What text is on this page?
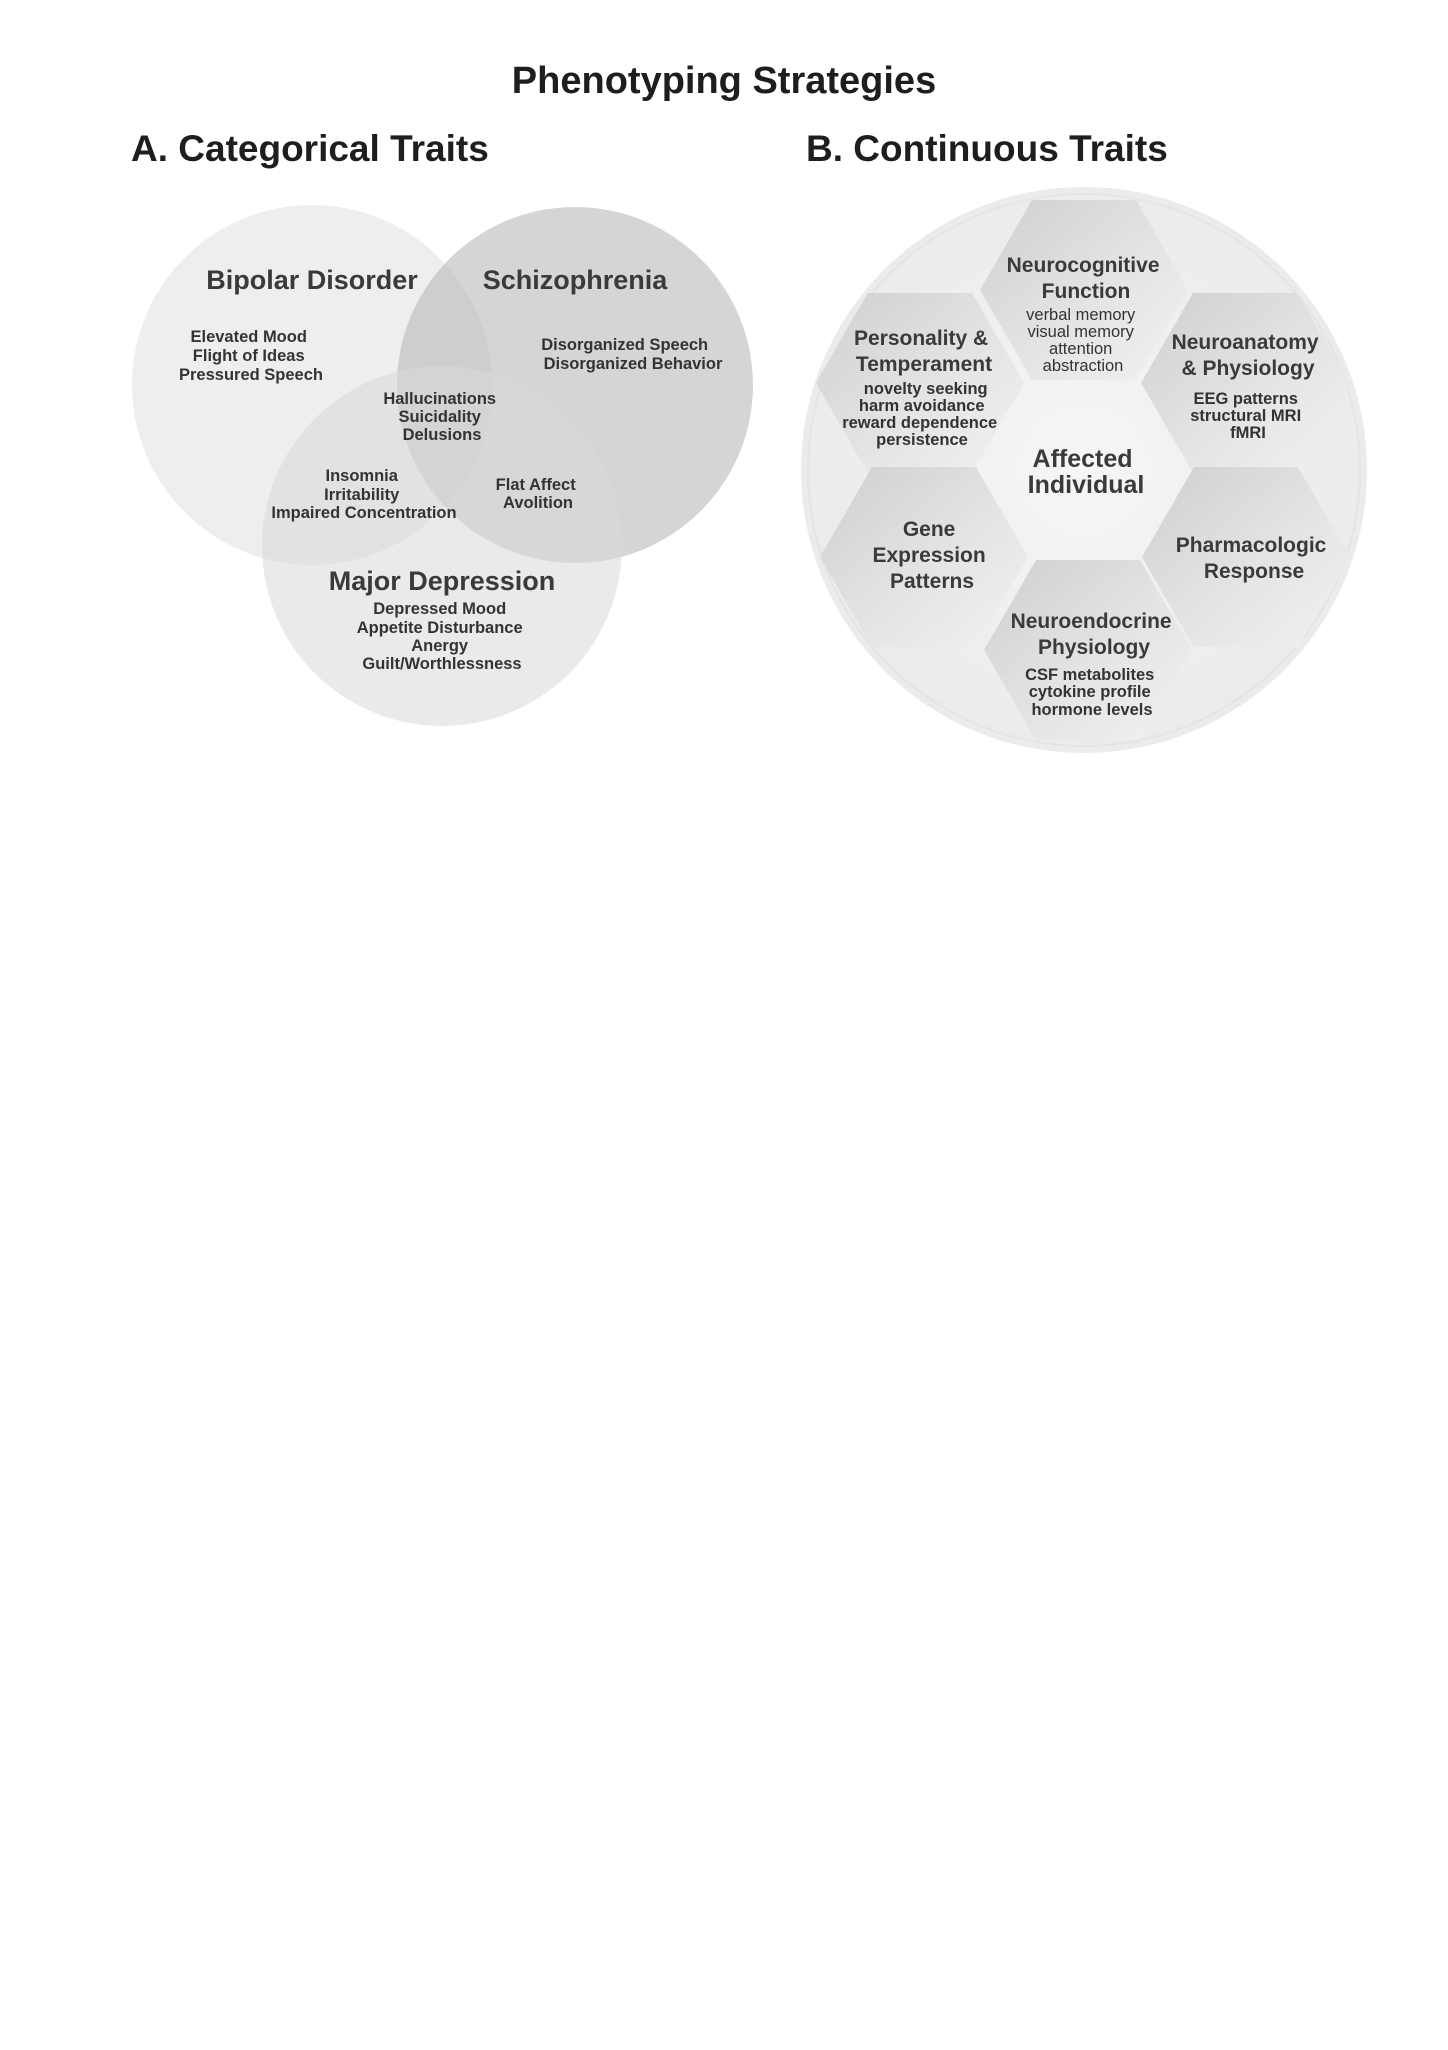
Phenotyping Strategies
A. Categorical Traits	B. Continuous Traits
Bipolar Disorder
Elevated Mood Flight of Ideas Pressured Speech
Schizophrenia
Disorganized Speech Disorganized Behavior
Hallucinations Suicidality Delusions
Insomnia Irritability Impaired Concentration
Flat Affect Avolition
Major Depression
Depressed Mood Appetite Disturbance Anergy Guilt/Worthlessness
Neurocognitive Function
verbal memory visual memory attention abstraction
Personality & Temperament
novelty seeking harm avoidance reward dependence persistence
Neuroanatomy & Physiology
EEG patterns structural MRI fMRI
Affected Individual
Gene Expression Patterns
Pharmacologic Response
Neuroendocrine Physiology
CSF metabolites cytokine profile hormone levels
